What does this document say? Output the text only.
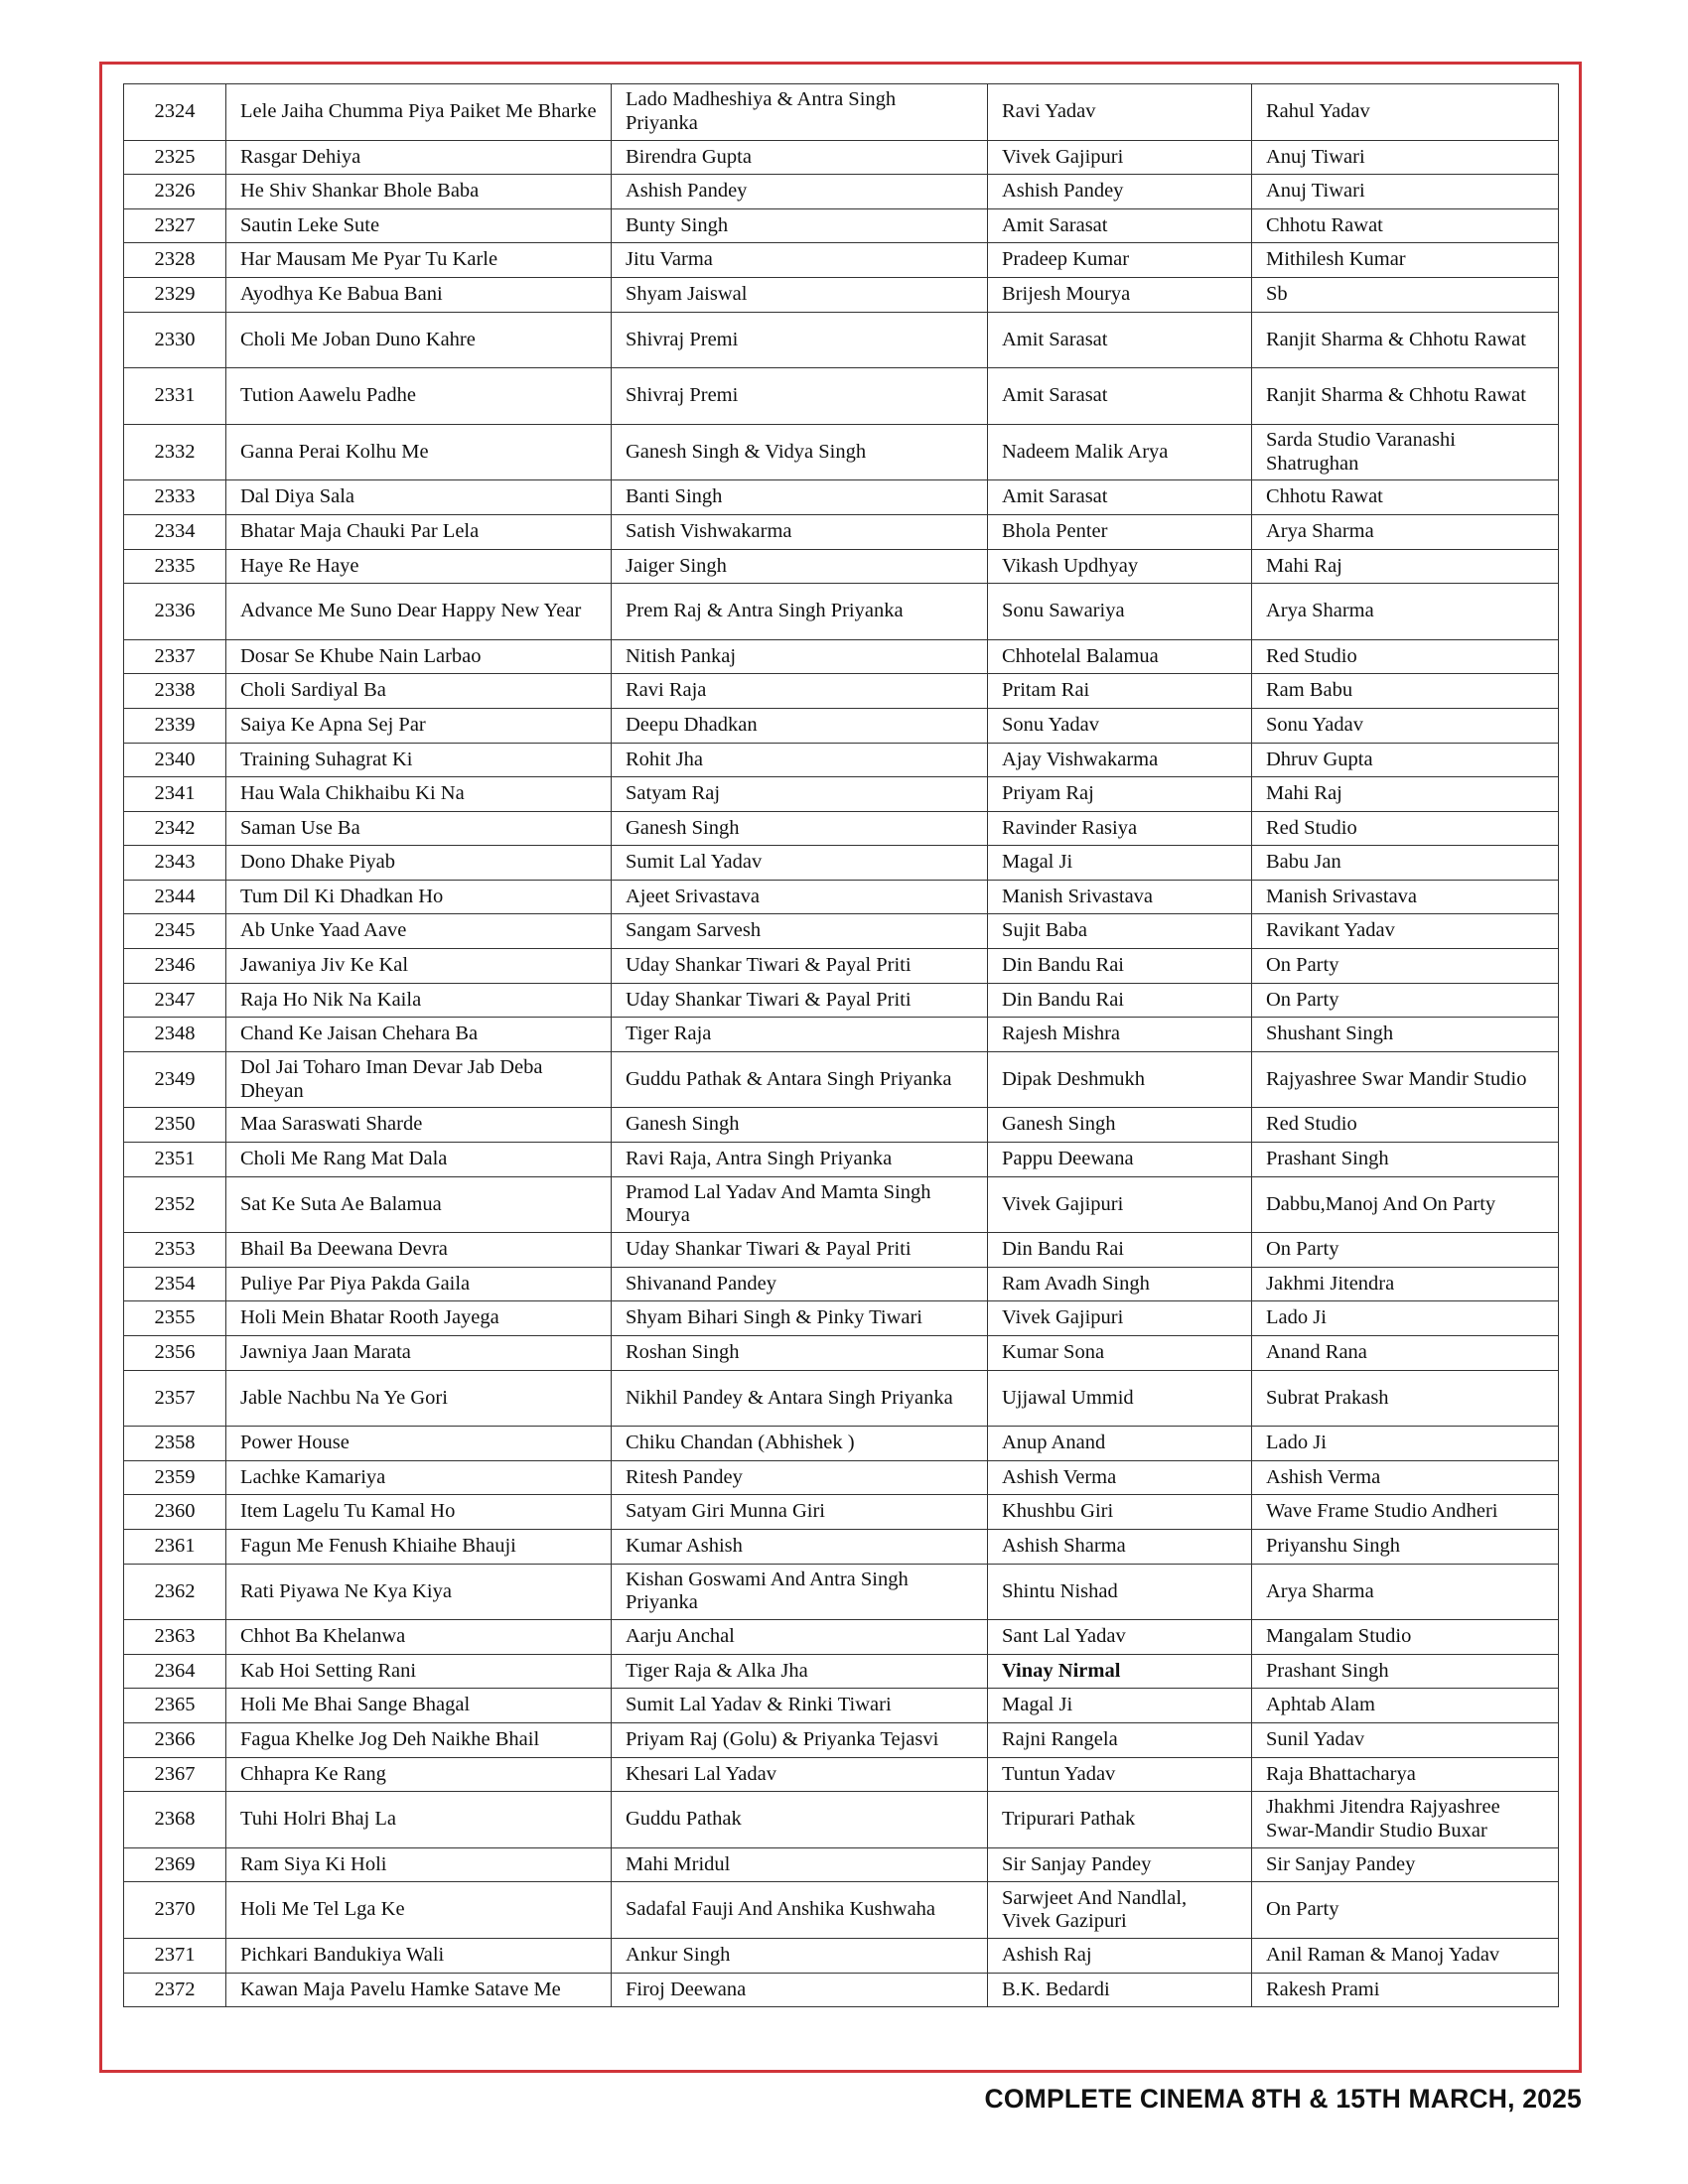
2324	Lele Jaiha Chumma Piya Paiket Me Bharke	Lado Madheshiya & Antra Singh Priyanka	Ravi Yadav	Rahul Yadav
2325	Rasgar Dehiya	Birendra Gupta	Vivek Gajipuri	Anuj Tiwari
2326	He Shiv Shankar Bhole Baba	Ashish Pandey	Ashish Pandey	Anuj Tiwari
2327	Sautin Leke Sute	Bunty Singh	Amit Sarasat	Chhotu Rawat
2328	Har Mausam Me Pyar Tu Karle	Jitu Varma	Pradeep Kumar	Mithilesh Kumar
2329	Ayodhya Ke Babua Bani	Shyam Jaiswal	Brijesh Mourya	Sb
2330	Choli Me Joban Duno Kahre	Shivraj Premi	Amit Sarasat	Ranjit Sharma & Chhotu Rawat
2331	Tution Aawelu Padhe	Shivraj Premi	Amit Sarasat	Ranjit Sharma & Chhotu Rawat
2332	Ganna Perai Kolhu Me	Ganesh Singh & Vidya Singh	Nadeem Malik Arya	Sarda Studio Varanashi Shatrughan
2333	Dal Diya Sala	Banti Singh	Amit Sarasat	Chhotu Rawat
2334	Bhatar Maja Chauki Par Lela	Satish Vishwakarma	Bhola Penter	Arya Sharma
2335	Haye Re Haye	Jaiger Singh	Vikash Updhyay	Mahi Raj
2336	Advance Me Suno Dear Happy New Year	Prem Raj & Antra Singh Priyanka	Sonu Sawariya	Arya Sharma
2337	Dosar Se Khube Nain Larbao	Nitish Pankaj	Chhotelal Balamua	Red Studio
2338	Choli Sardiyal Ba	Ravi Raja	Pritam Rai	Ram Babu
2339	Saiya Ke Apna Sej Par	Deepu Dhadkan	Sonu Yadav	Sonu Yadav
2340	Training Suhagrat Ki	Rohit Jha	Ajay Vishwakarma	Dhruv Gupta
2341	Hau Wala Chikhaibu Ki Na	Satyam Raj	Priyam Raj	Mahi Raj
2342	Saman Use Ba	Ganesh Singh	Ravinder Rasiya	Red Studio
2343	Dono Dhake Piyab	Sumit Lal Yadav	Magal Ji	Babu Jan
2344	Tum Dil Ki Dhadkan Ho	Ajeet Srivastava	Manish Srivastava	Manish Srivastava
2345	Ab Unke Yaad Aave	Sangam Sarvesh	Sujit Baba	Ravikant Yadav
2346	Jawaniya Jiv Ke Kal	Uday Shankar Tiwari & Payal Priti	Din Bandu Rai	On Party
2347	Raja Ho Nik Na Kaila	Uday Shankar Tiwari & Payal Priti	Din Bandu Rai	On Party
2348	Chand Ke Jaisan Chehara Ba	Tiger Raja	Rajesh Mishra	Shushant Singh
2349	Dol Jai Toharo Iman Devar Jab Deba Dheyan	Guddu Pathak & Antara Singh Priyanka	Dipak Deshmukh	Rajyashree Swar Mandir Studio
2350	Maa Saraswati Sharde	Ganesh Singh	Ganesh Singh	Red Studio
2351	Choli Me Rang Mat Dala	Ravi Raja, Antra Singh Priyanka	Pappu Deewana	Prashant Singh
2352	Sat Ke Suta Ae Balamua	Pramod Lal Yadav And Mamta Singh Mourya	Vivek Gajipuri	Dabbu,Manoj And On Party
2353	Bhail Ba Deewana Devra	Uday Shankar Tiwari & Payal Priti	Din Bandu Rai	On Party
2354	Puliye Par Piya Pakda Gaila	Shivanand Pandey	Ram Avadh Singh	Jakhmi Jitendra
2355	Holi Mein Bhatar Rooth Jayega	Shyam Bihari Singh & Pinky Tiwari	Vivek Gajipuri	Lado Ji
2356	Jawniya Jaan Marata	Roshan Singh	Kumar Sona	Anand Rana
2357	Jable Nachbu Na Ye Gori	Nikhil Pandey & Antara Singh Priyanka	Ujjawal Ummid	Subrat Prakash
2358	Power House	Chiku Chandan (Abhishek )	Anup Anand	Lado Ji
2359	Lachke Kamariya	Ritesh Pandey	Ashish Verma	Ashish Verma
2360	Item Lagelu Tu Kamal Ho	Satyam Giri Munna Giri	Khushbu Giri	Wave Frame Studio Andheri
2361	Fagun Me Fenush Khiaihe Bhauji	Kumar Ashish	Ashish Sharma	Priyanshu Singh
2362	Rati Piyawa Ne Kya Kiya	Kishan Goswami And Antra Singh Priyanka	Shintu Nishad	Arya Sharma
2363	Chhot Ba Khelanwa	Aarju Anchal	Sant Lal Yadav	Mangalam Studio
2364	Kab Hoi Setting Rani	Tiger Raja & Alka Jha	Vinay Nirmal	Prashant Singh
2365	Holi Me Bhai Sange Bhagal	Sumit Lal Yadav & Rinki Tiwari	Magal Ji	Aphtab Alam
2366	Fagua Khelke Jog Deh Naikhe Bhail	Priyam Raj (Golu) & Priyanka Tejasvi	Rajni Rangela	Sunil Yadav
2367	Chhapra Ke Rang	Khesari Lal Yadav	Tuntun Yadav	Raja Bhattacharya
2368	Tuhi Holri Bhaj La	Guddu Pathak	Tripurari Pathak	Jhakhmi Jitendra Rajyashree Swar-Mandir Studio Buxar
2369	Ram Siya Ki Holi	Mahi Mridul	Sir Sanjay Pandey	Sir Sanjay Pandey
2370	Holi Me Tel Lga Ke	Sadafal Fauji And Anshika Kushwaha	Sarwjeet And Nandlal, Vivek Gazipuri	On Party
2371	Pichkari Bandukiya Wali	Ankur Singh	Ashish Raj	Anil Raman & Manoj Yadav
2372	Kawan Maja Pavelu Hamke Satave Me	Firoj Deewana	B.K. Bedardi	Rakesh Prami
COMPLETE CINEMA 8TH & 15TH MARCH, 2025
